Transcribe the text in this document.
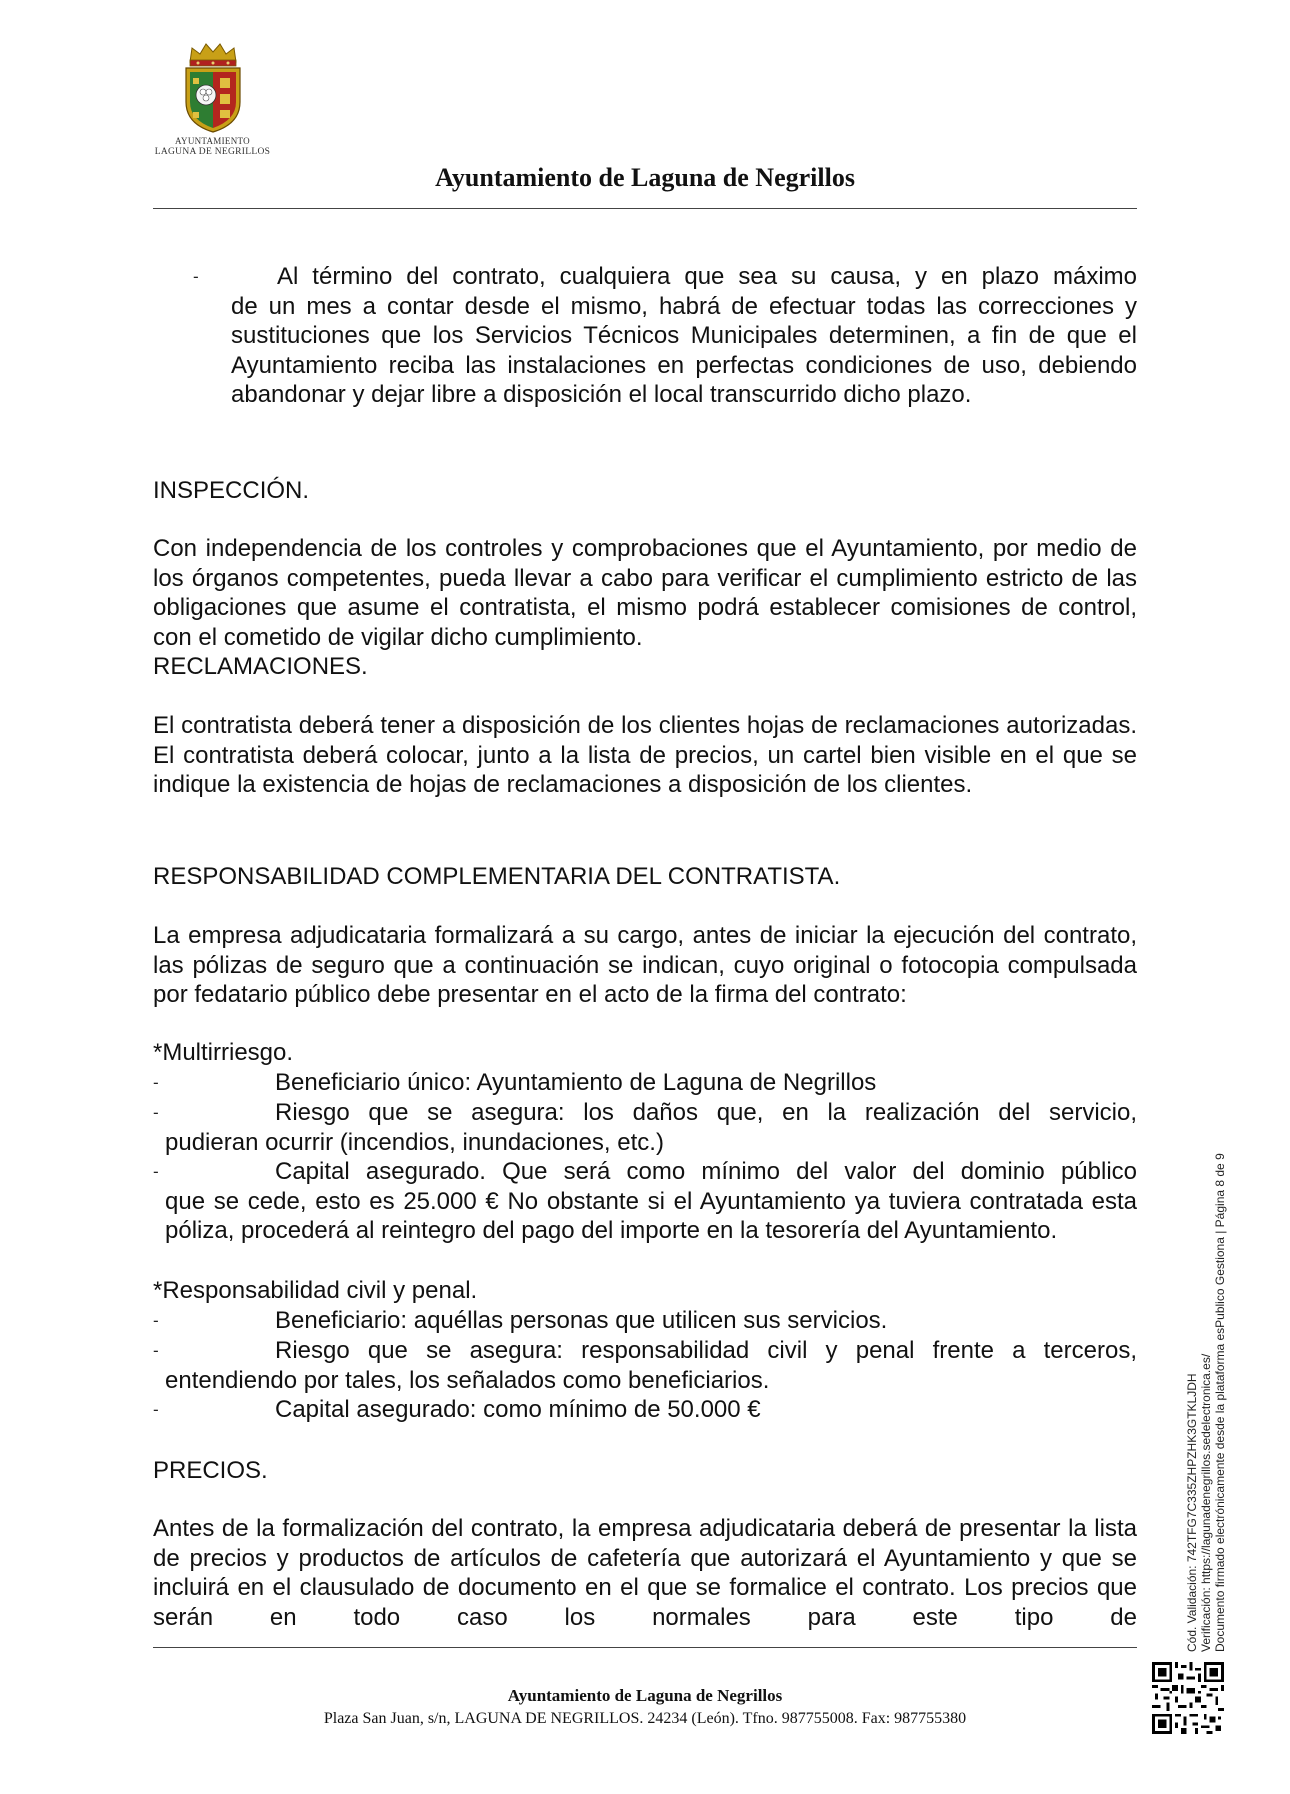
AYUNTAMIENTO
LAGUNA DE NEGRILLOS
Ayuntamiento de Laguna de Negrillos
-	Al término del contrato, cualquiera que sea su causa, y en plazo máximo
de un mes a contar desde el mismo, habrá de efectuar todas las correcciones y sustituciones que los Servicios Técnicos Municipales determinen, a fin de que el Ayuntamiento reciba las instalaciones en perfectas condiciones de uso, debiendo abandonar y dejar libre a disposición el local transcurrido dicho plazo.
INSPECCIÓN.
Con independencia de los controles y comprobaciones que el Ayuntamiento, por medio de los órganos competentes, pueda llevar a cabo para verificar el cumplimiento estricto de las obligaciones que asume el contratista, el mismo podrá establecer comisiones de control, con el cometido de vigilar dicho cumplimiento.
RECLAMACIONES.
El contratista deberá tener a disposición de los clientes hojas de reclamaciones autorizadas. El contratista deberá colocar, junto a la lista de precios, un cartel bien visible en el que se indique la existencia de hojas de reclamaciones a disposición de los clientes.
RESPONSABILIDAD COMPLEMENTARIA DEL CONTRATISTA.
La empresa adjudicataria formalizará a su cargo, antes de iniciar la ejecución del contrato, las pólizas de seguro que a continuación se indican, cuyo original o fotocopia compulsada por fedatario público debe presentar en el acto de la firma del contrato:
*Multirriesgo.
-	Beneficiario único: Ayuntamiento de Laguna de Negrillos
-	Riesgo que se asegura: los daños que, en la realización del servicio,
pudieran ocurrir (incendios, inundaciones, etc.)
-	Capital asegurado. Que será como mínimo del valor del dominio público
que se cede, esto es 25.000 € No obstante si el Ayuntamiento ya tuviera contratada esta póliza, procederá al reintegro del pago del importe en la tesorería del Ayuntamiento.
*Responsabilidad civil y penal.
-	Beneficiario: aquéllas personas que utilicen sus servicios.
-	Riesgo que se asegura: responsabilidad civil y penal frente a terceros,
entendiendo por tales, los señalados como beneficiarios.
-	Capital asegurado: como mínimo de 50.000 €
PRECIOS.
Antes de la formalización del contrato, la empresa adjudicataria deberá de presentar la lista de precios y productos de artículos de cafetería que autorizará el Ayuntamiento y que se incluirá en el clausulado de documento en el que se formalice el contrato. Los precios que serán en todo caso los normales para este tipo de
Ayuntamiento de Laguna de Negrillos
Plaza San Juan, s/n, LAGUNA DE NEGRILLOS. 24234 (León). Tfno. 987755008. Fax: 987755380
Cód. Validación: 742TFG7C335ZHPZHK3GTKLJDH Verificación: https://lagunadenegrillos.sedelectronica.es/ Documento firmado electrónicamente desde la plataforma esPublico Gestiona | Página 8 de 9
